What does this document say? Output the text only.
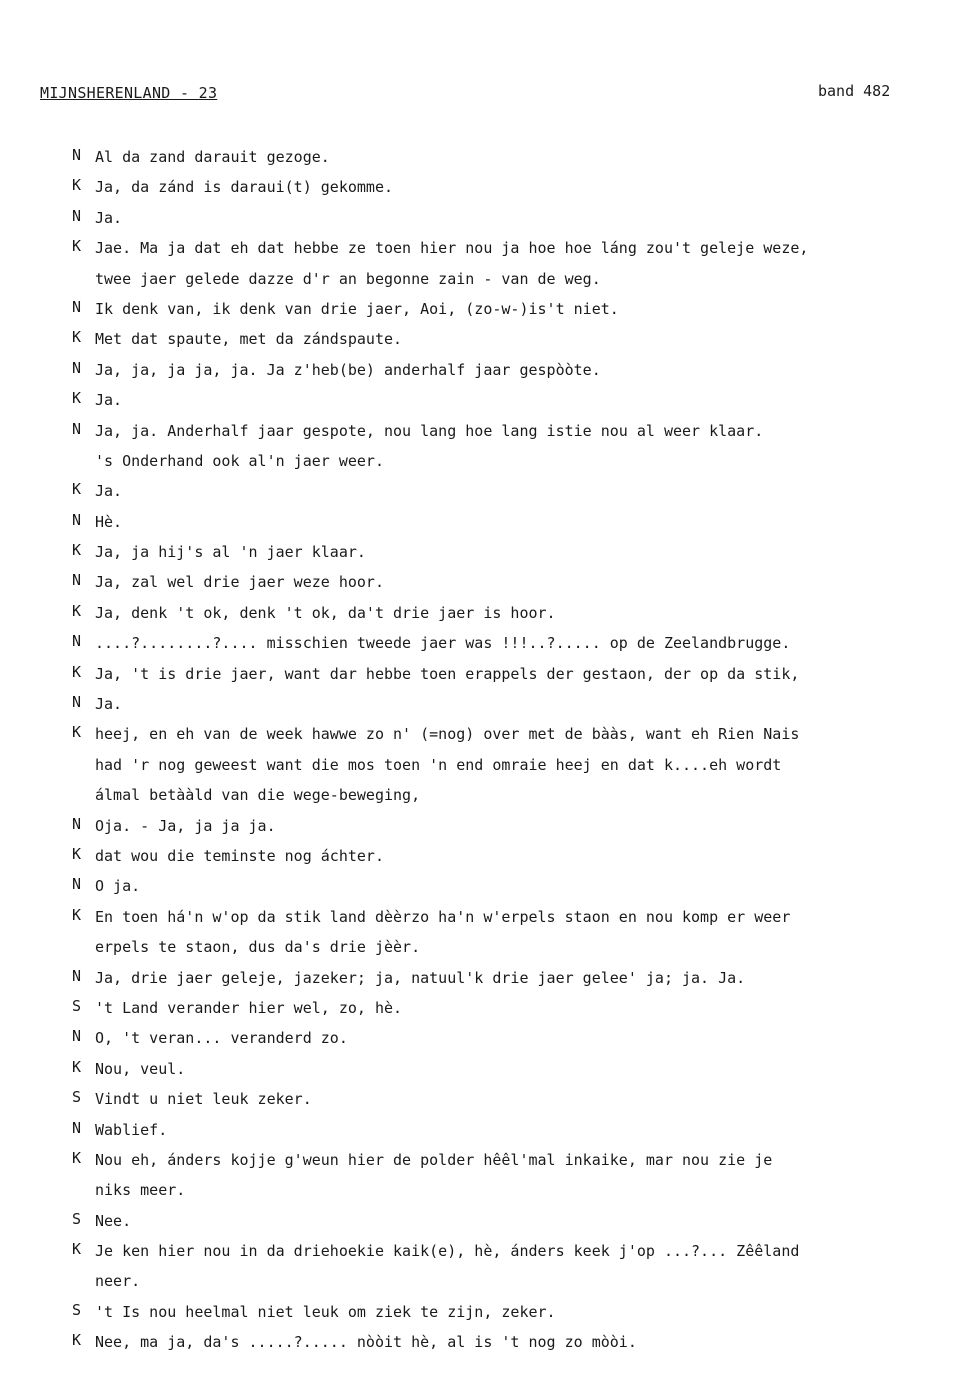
MIJNSHERENLAND - 23	band 482
N Al da zand darauit gezoge.
K Ja, da zánd is daraui(t) gekomme.
N Ja.
K Jae. Ma ja dat eh dat hebbe ze toen hier nou ja hoe hoe láng zou't geleje weze,
twee jaer gelede dazze d'r an begonne zain - van de weg.
N Ik denk van, ik denk van drie jaer, Aoi, (zo-w-)is't niet.
K Met dat spaute, met da zándspaute.
N Ja, ja, ja ja, ja. Ja z'heb(be) anderhalf jaar gespòòte.
K Ja.
N Ja, ja. Anderhalf jaar gespote, nou lang hoe lang istie nou al weer klaar.
's Onderhand ook al'n jaer weer.
K Ja.
N Hè.
K Ja, ja hij's al 'n jaer klaar.
N Ja, zal wel drie jaer weze hoor.
K Ja, denk 't ok, denk 't ok, da't drie jaer is hoor.
N ....?........?.... misschien tweede jaer was !!!..?..... op de Zeelandbrugge.
K Ja, 't is drie jaer, want dar hebbe toen erappels der gestaon, der op da stik,
N Ja.
K heej, en eh van de week hawwe zo n' (=nog) over met de bààs, want eh Rien Nais
had 'r nog geweest want die mos toen 'n end omraie heej en dat k....eh wordt
álmal betààld van die wege-beweging,
N Oja. - Ja, ja ja ja.
K dat wou die teminste nog áchter.
N O ja.
K En toen há'n w'op da stik land dèèrzo ha'n w'erpels staon en nou komp er weer
erpels te staon, dus da's drie jèèr.
N Ja, drie jaer geleje, jazeker; ja, natuul'k drie jaer gelee' ja; ja. Ja.
S 't Land verander hier wel, zo, hè.
N O, 't veran... veranderd zo.
K Nou, veul.
S Vindt u niet leuk zeker.
N Wablief.
K Nou eh, ánders kojje g'weun hier de polder hêêl'mal inkaike, mar nou zie je
niks meer.
S Nee.
K Je ken hier nou in da driehoekie kaik(e), hè, ánders keek j'op ...?... Zêêland
neer.
S 't Is nou heelmal niet leuk om ziek te zijn, zeker.
K Nee, ma ja, da's .....?..... nòòit hè, al is 't nog zo mòòi.
